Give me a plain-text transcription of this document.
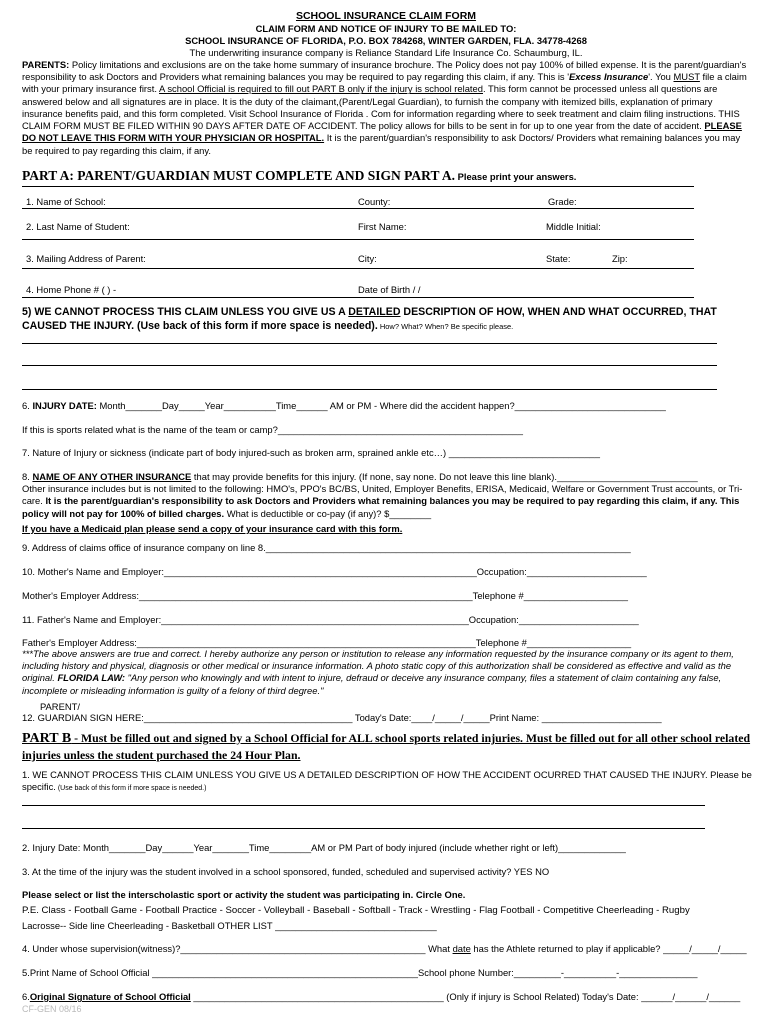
SCHOOL INSURANCE CLAIM FORM
CLAIM FORM AND NOTICE OF INJURY TO BE MAILED TO:
SCHOOL INSURANCE OF FLORIDA, P.O. BOX 784268, WINTER GARDEN, FLA. 34778-4268
The underwriting insurance company is Reliance Standard Life Insurance Co. Schaumburg, IL.
PARENTS: Policy limitations and exclusions are on the take home summary of insurance brochure. The Policy does not pay 100% of billed expense. It is the parent/guardian's responsibility to ask Doctors and Providers what remaining balances you may be required to pay regarding this claim, if any. This is 'Excess Insurance'. You MUST file a claim with your primary insurance first. A school Official is required to fill out PART B only if the injury is school related. This form cannot be processed unless all questions are answered below and all signatures are in place. It is the duty of the claimant,(Parent/Legal Guardian), to furnish the company with itemized bills, explanation of primary insurance benefits paid, and this form completed. Visit School Insurance of Florida . Com for information regarding where to seek treatment and claim filing instructions. THIS CLAIM FORM MUST BE FILED WITHIN 90 DAYS AFTER DATE OF ACCIDENT. The policy allows for bills to be sent in for up to one year from the date of accident. PLEASE DO NOT LEAVE THIS FORM WITH YOUR PHYSICIAN OR HOSPITAL. It is the parent/guardian's responsibility to ask Doctors/ Providers what remaining balances you may be required to pay regarding this claim, if any.
PART A: PARENT/GUARDIAN MUST COMPLETE AND SIGN PART A. Please print your answers.
1. Name of School:	County:	Grade:
2. Last Name of Student:	First Name:	Middle Initial:
3. Mailing Address of Parent:	City:	State:	Zip:
4. Home Phone # ( ) -	Date of Birth / /
5) WE CANNOT PROCESS THIS CLAIM UNLESS YOU GIVE US A DETAILED DESCRIPTION OF HOW, WHEN AND WHAT OCCURRED, THAT CAUSED THE INJURY. (Use back of this form if more space is needed). How? What? When? Be specific please.
6. INJURY DATE: Month_______Day_____Year__________Time______ AM or PM - Where did the accident happen?_____________________________
If this is sports related what is the name of the team or camp?_______________________________________________
7. Nature of Injury or sickness (indicate part of body injured-such as broken arm, sprained ankle etc…) _____________________________
8. NAME OF ANY OTHER INSURANCE that may provide benefits for this injury. (If none, say none. Do not leave this line blank).___________________________
Other insurance includes but is not limited to the following: HMO's, PPO's BC/BS, United, Employer Benefits, ERISA, Medicaid, Welfare or Government Trust accounts, or Tri-care. It is the parent/guardian's responsibility to ask Doctors and Providers what remaining balances you may be required to pay regarding this claim, if any. This policy will not pay for 100% of billed charges. What is deductible or co-pay (if any)? $________
If you have a Medicaid plan please send a copy of your insurance card with this form.
9. Address of claims office of insurance company on line 8.______________________________________________________________________
10. Mother's Name and Employer:____________________________________________________________Occupation:_______________________
Mother's Employer Address:________________________________________________________________Telephone #____________________
11. Father's Name and Employer:___________________________________________________________Occupation:_______________________
Father's Employer Address:_________________________________________________________________Telephone #____________________
***The above answers are true and correct. I hereby authorize any person or institution to release any information requested by the insurance company or its agent to them, including history and physical, diagnosis or other medical or insurance information. A photo static copy of this authorization shall be considered as effective and valid as the original. FLORIDA LAW: "Any person who knowingly and with intent to injure, defraud or deceive any insurance company, files a statement of claim containing any false, incomplete or misleading information is guilty of a felony of third degree."
PARENT/
12. GUARDIAN SIGN HERE:________________________________________ Today's Date:____/_____/_____Print Name: _______________________
PART B - Must be filled out and signed by a School Official for ALL school sports related injuries. Must be filled out for all other school related injuries unless the student purchased the 24 Hour Plan.
1. WE CANNOT PROCESS THIS CLAIM UNLESS YOU GIVE US A DETAILED DESCRIPTION OF HOW THE ACCIDENT OCURRED THAT CAUSED THE INJURY. Please be specific. (Use back of this form if more space is needed.)
2. Injury Date: Month_______Day______Year_______Time________AM or PM Part of body injured (include whether right or left)_____________
3. At the time of the injury was the student involved in a school sponsored, funded, scheduled and supervised activity? YES NO
Please select or list the interscholastic sport or activity the student was participating in. Circle One.
P.E. Class - Football Game - Football Practice - Soccer - Volleyball - Baseball - Softball - Track - Wrestling - Flag Football - Competitive Cheerleading - Rugby
Lacrosse-- Side line Cheerleading - Basketball OTHER LIST _______________________________
4. Under whose supervision(witness)?_______________________________________________ What date has the Athlete returned to play if applicable? _____/_____/_____
5.Print Name of School Official ___________________________________________________School phone Number:_________-__________-_______________
6.Original Signature of School Official ________________________________________________ (Only if injury is School Related) Today's Date: ______/______/______
CF-GEN 08/16
